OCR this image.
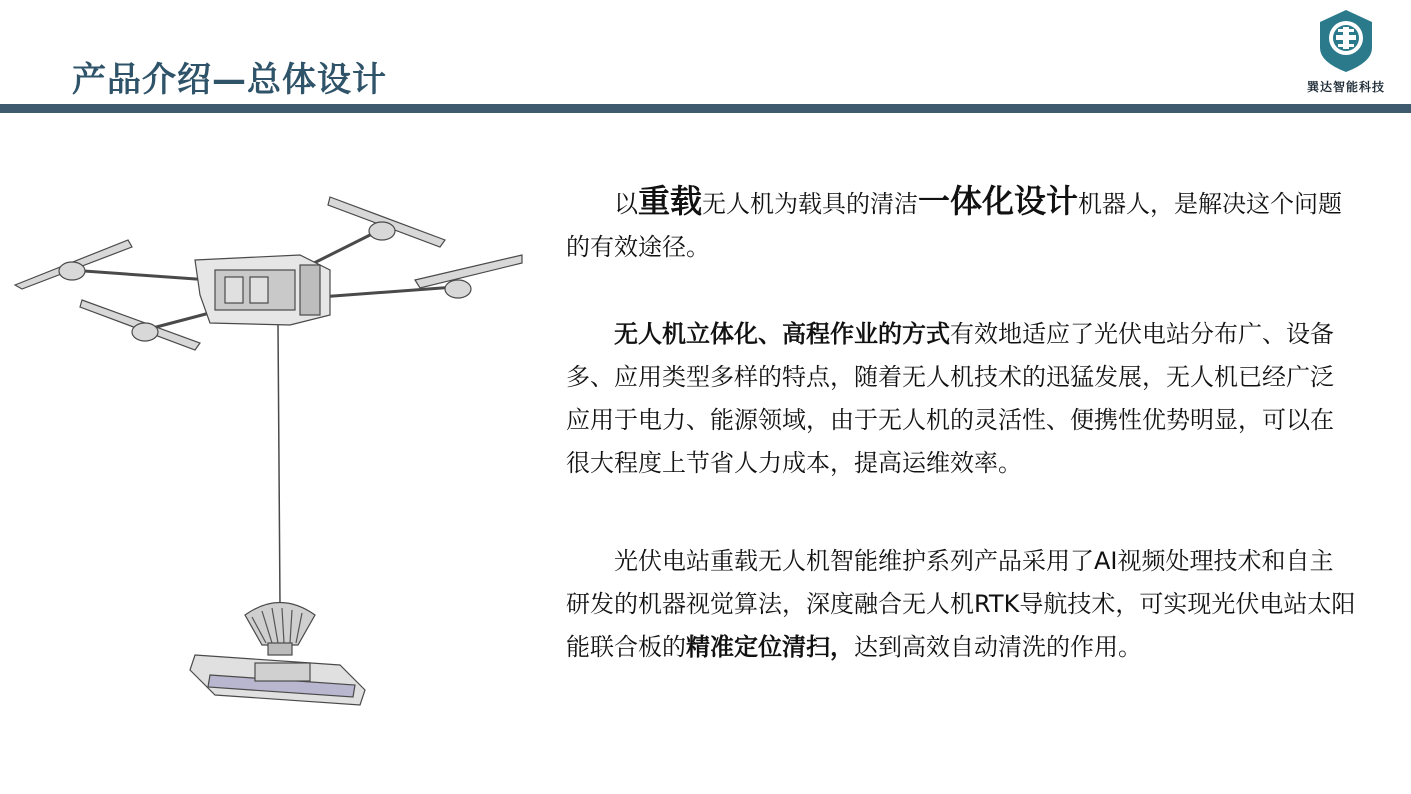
产品介绍—总体设计	巽达智能科技

以重载无人机为载具的清洁一体化设计机器人，是解决这个问题的有效途径。

无人机立体化、高程作业的方式有效地适应了光伏电站分布广、设备多、应用类型多样的特点，随着无人机技术的迅猛发展，无人机已经广泛应用于电力、能源领域，由于无人机的灵活性、便携性优势明显，可以在很大程度上节省人力成本，提高运维效率。

光伏电站重载无人机智能维护系列产品采用了AI视频处理技术和自主研发的机器视觉算法，深度融合无人机RTK导航技术，可实现光伏电站太阳能联合板的精准定位清扫，达到高效自动清洗的作用。
